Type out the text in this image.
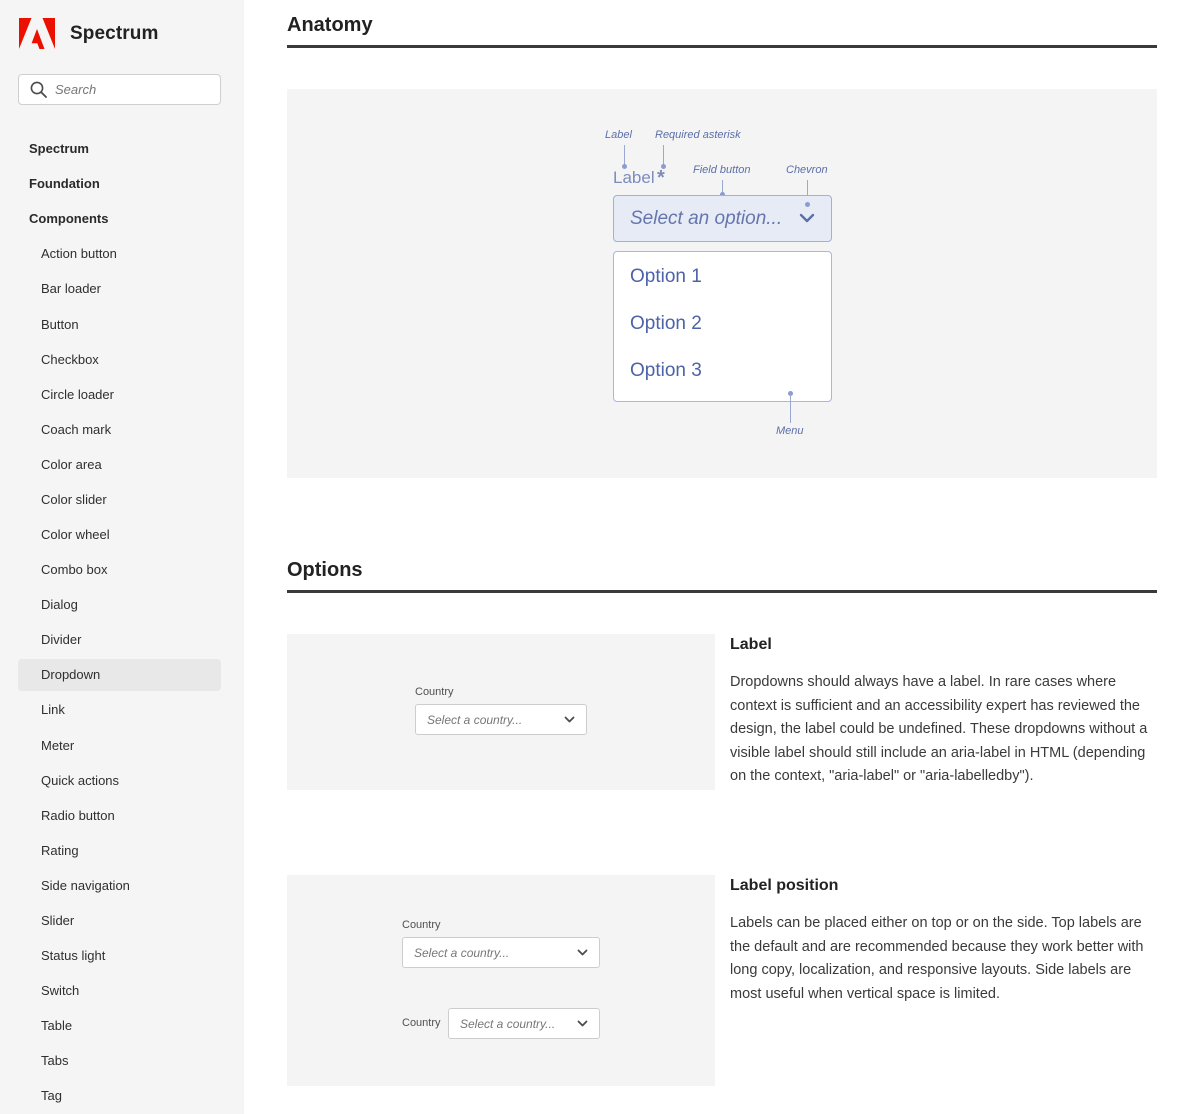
Spectrum
Search
Spectrum
Foundation
Components
Action button
Bar loader
Button
Checkbox
Circle loader
Coach mark
Color area
Color slider
Color wheel
Combo box
Dialog
Divider
Dropdown
Link
Meter
Quick actions
Radio button
Rating
Side navigation
Slider
Status light
Switch
Table
Tabs
Tag
Anatomy
Label Required asterisk
Field button	Chevron
Label *
Select an option...
Option 1
Option 2
Option 3
Menu
Options
Country
Select a country...
Label

Dropdowns should always have a label. In rare cases where context is sufficient and an accessibility expert has reviewed the design, the label could be undefined. These dropdowns without a visible label should still include an aria-label in HTML (depending on the context, "aria-label" or "aria-labelledby").

Country
Select a country...
Country Select a country...
Label position

Labels can be placed either on top or on the side. Top labels are the default and are recommended because they work better with long copy, localization, and responsive layouts. Side labels are most useful when vertical space is limited.
